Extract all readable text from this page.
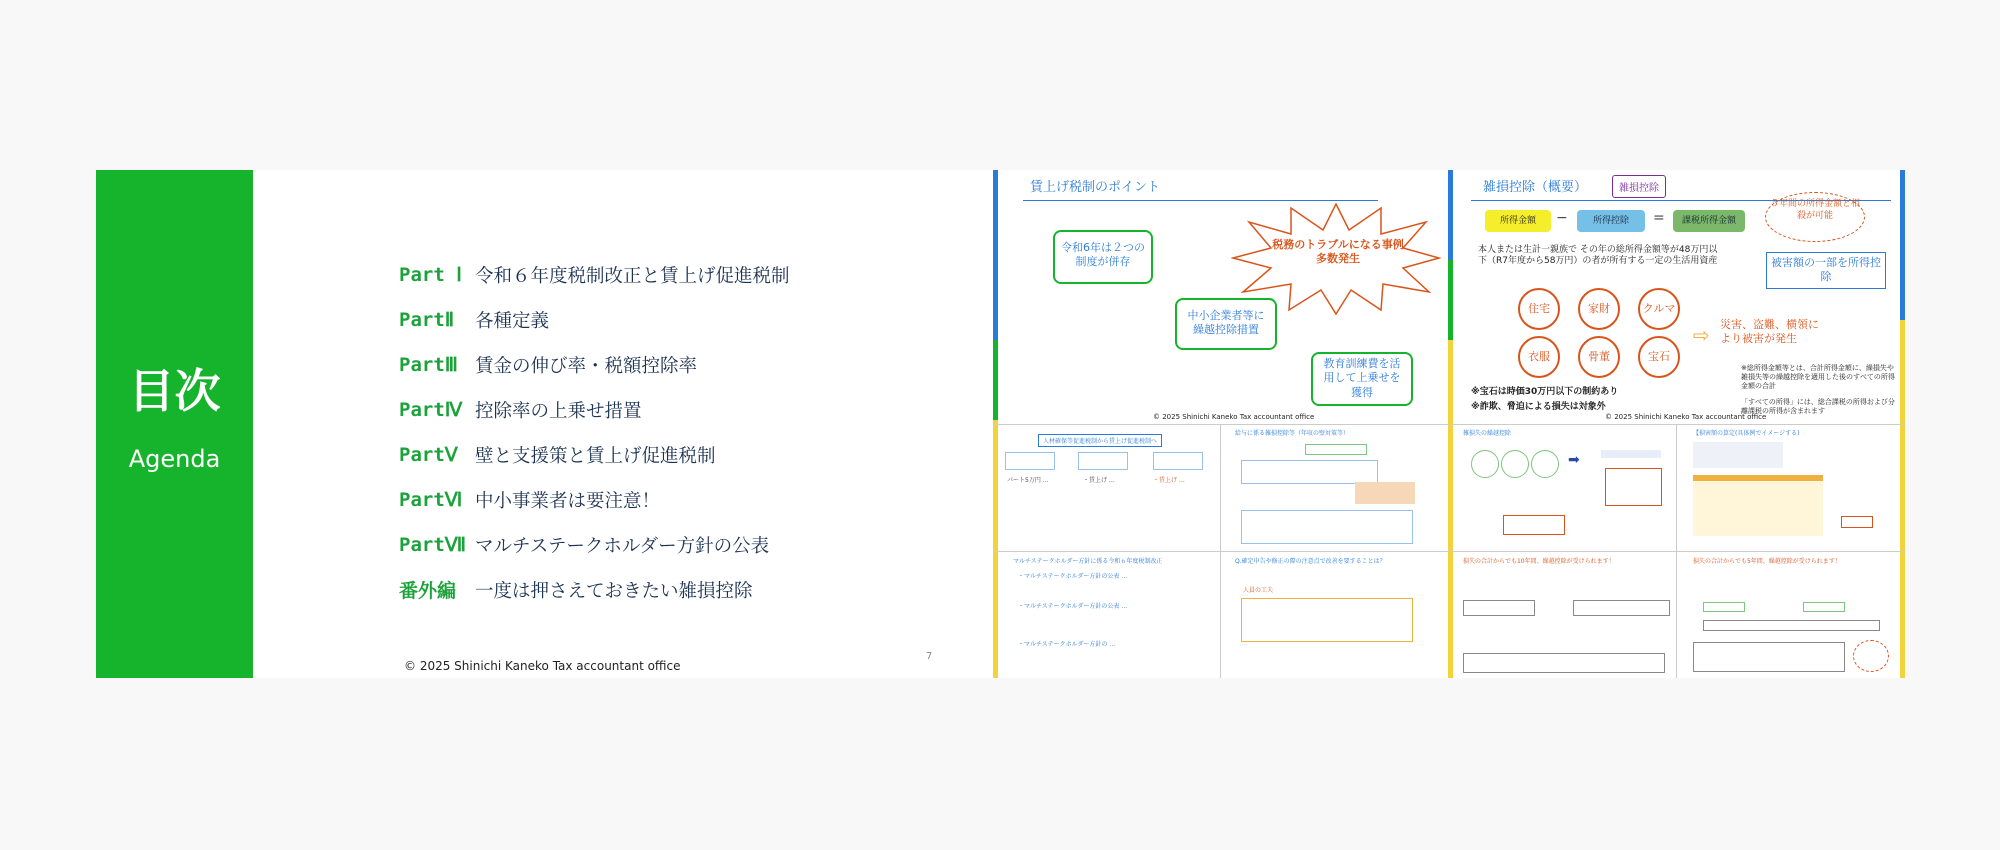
目次
Agenda
Part Ⅰ 令和６年度税制改正と賃上げ促進税制
PartⅡ	各種定義
PartⅢ 賃金の伸び率・税額控除率
PartⅣ 控除率の上乗せ措置
PartⅤ 壁と支援策と賃上げ促進税制
PartⅥ 中小事業者は要注意！
PartⅦ マルチステークホルダー方針の公表
番外編	一度は押さえておきたい雑損控除
© 2025 Shinichi Kaneko Tax accountant office
7
賃上げ税制のポイント
令和6年は２つの制度が併存
税務のトラブルになる事例多数発生
中小企業者等に繰越控除措置
教育訓練費を活用して上乗せを獲得
© 2025 Shinichi Kaneko Tax accountant office
雑損控除（概要）	雑損控除
所得金額	−	所得控除	=	課税所得金額
５年間の所得金額と相殺が可能
本人または生計一親族で その年の総所得金額等が48万円以下（R7年度から58万円）の者が所有する一定の生活用資産	被害額の一部を所得控除
住宅	家財	クルマ
衣服	骨董	宝石
⇨ 災害、盗難、横領により被害が発生
※宝石は時価30万円以下の制約あり
※詐欺、脅迫による損失は対象外
※総所得金額等とは、合計所得金額に、繰損失や雑損失等の繰越控除を適用した後のすべての所得金額の合計
「すべての所得」には、総合課税の所得および分離課税の所得が含まれます
© 2025 Shinichi Kaneko Tax accountant office
人材確保等促進税制から賃上げ促進税制へ
パート5万円 …	・賃上げ …	・賃上げ …
給与に係る雑損控除等（年収の壁対策等）	雑損失の繰越控除
➡
【損害額の算定(具体例でイメージする)
マルチステークホルダー方針に係る令和６年度税制改正
・マルチステークホルダー方針の公表 …
・マルチステークホルダー方針の公表 …
・マルチステークホルダー方針の …
Q.確定申告や修正の際の注意点で改善を要することは？
人員の工夫
損失の合計からでも10年間、繰越控除が受けられます！	損失の合計からでも5年間、繰越控除が受けられます！
